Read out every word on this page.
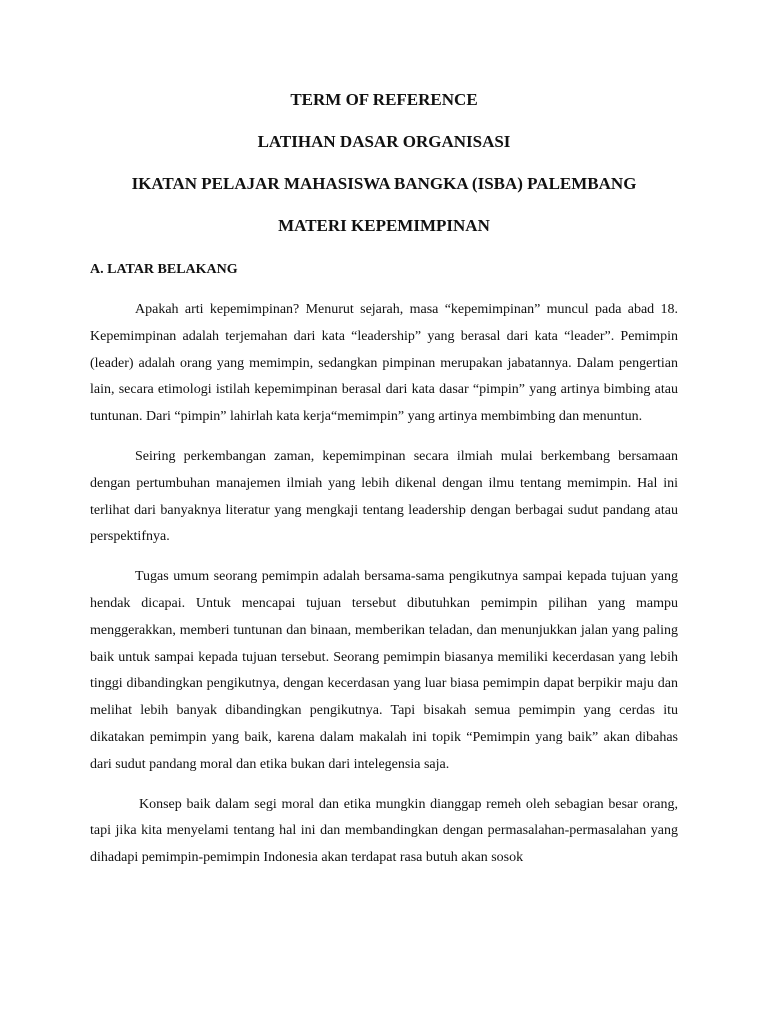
TERM OF REFERENCE
LATIHAN DASAR ORGANISASI
IKATAN PELAJAR MAHASISWA BANGKA (ISBA) PALEMBANG
MATERI KEPEMIMPINAN
A. LATAR BELAKANG

Apakah arti kepemimpinan? Menurut sejarah, masa “kepemimpinan” muncul pada abad 18. Kepemimpinan adalah terjemahan dari kata “leadership” yang berasal dari kata “leader”. Pemimpin (leader) adalah orang yang memimpin, sedangkan pimpinan merupakan jabatannya. Dalam pengertian lain, secara etimologi istilah kepemimpinan berasal dari kata dasar “pimpin” yang artinya bimbing atau tuntunan. Dari “pimpin” lahirlah kata kerja“memimpin” yang artinya membimbing dan menuntun.

Seiring perkembangan zaman, kepemimpinan secara ilmiah mulai berkembang bersamaan dengan pertumbuhan manajemen ilmiah yang lebih dikenal dengan ilmu tentang memimpin. Hal ini terlihat dari banyaknya literatur yang mengkaji tentang leadership dengan berbagai sudut pandang atau perspektifnya.

Tugas umum seorang pemimpin adalah bersama-sama pengikutnya sampai kepada tujuan yang hendak dicapai. Untuk mencapai tujuan tersebut dibutuhkan pemimpin pilihan yang mampu menggerakkan, memberi tuntunan dan binaan, memberikan teladan, dan menunjukkan jalan yang paling baik untuk sampai kepada tujuan tersebut. Seorang pemimpin biasanya memiliki kecerdasan yang lebih tinggi dibandingkan pengikutnya, dengan kecerdasan yang luar biasa pemimpin dapat berpikir maju dan melihat lebih banyak dibandingkan pengikutnya. Tapi bisakah semua pemimpin yang cerdas itu dikatakan pemimpin yang baik, karena dalam makalah ini topik “Pemimpin yang baik” akan dibahas dari sudut pandang moral dan etika bukan dari intelegensia saja.

Konsep baik dalam segi moral dan etika mungkin dianggap remeh oleh sebagian besar orang, tapi jika kita menyelami tentang hal ini dan membandingkan dengan permasalahan-permasalahan yang dihadapi pemimpin-pemimpin Indonesia akan terdapat rasa butuh akan sosok
